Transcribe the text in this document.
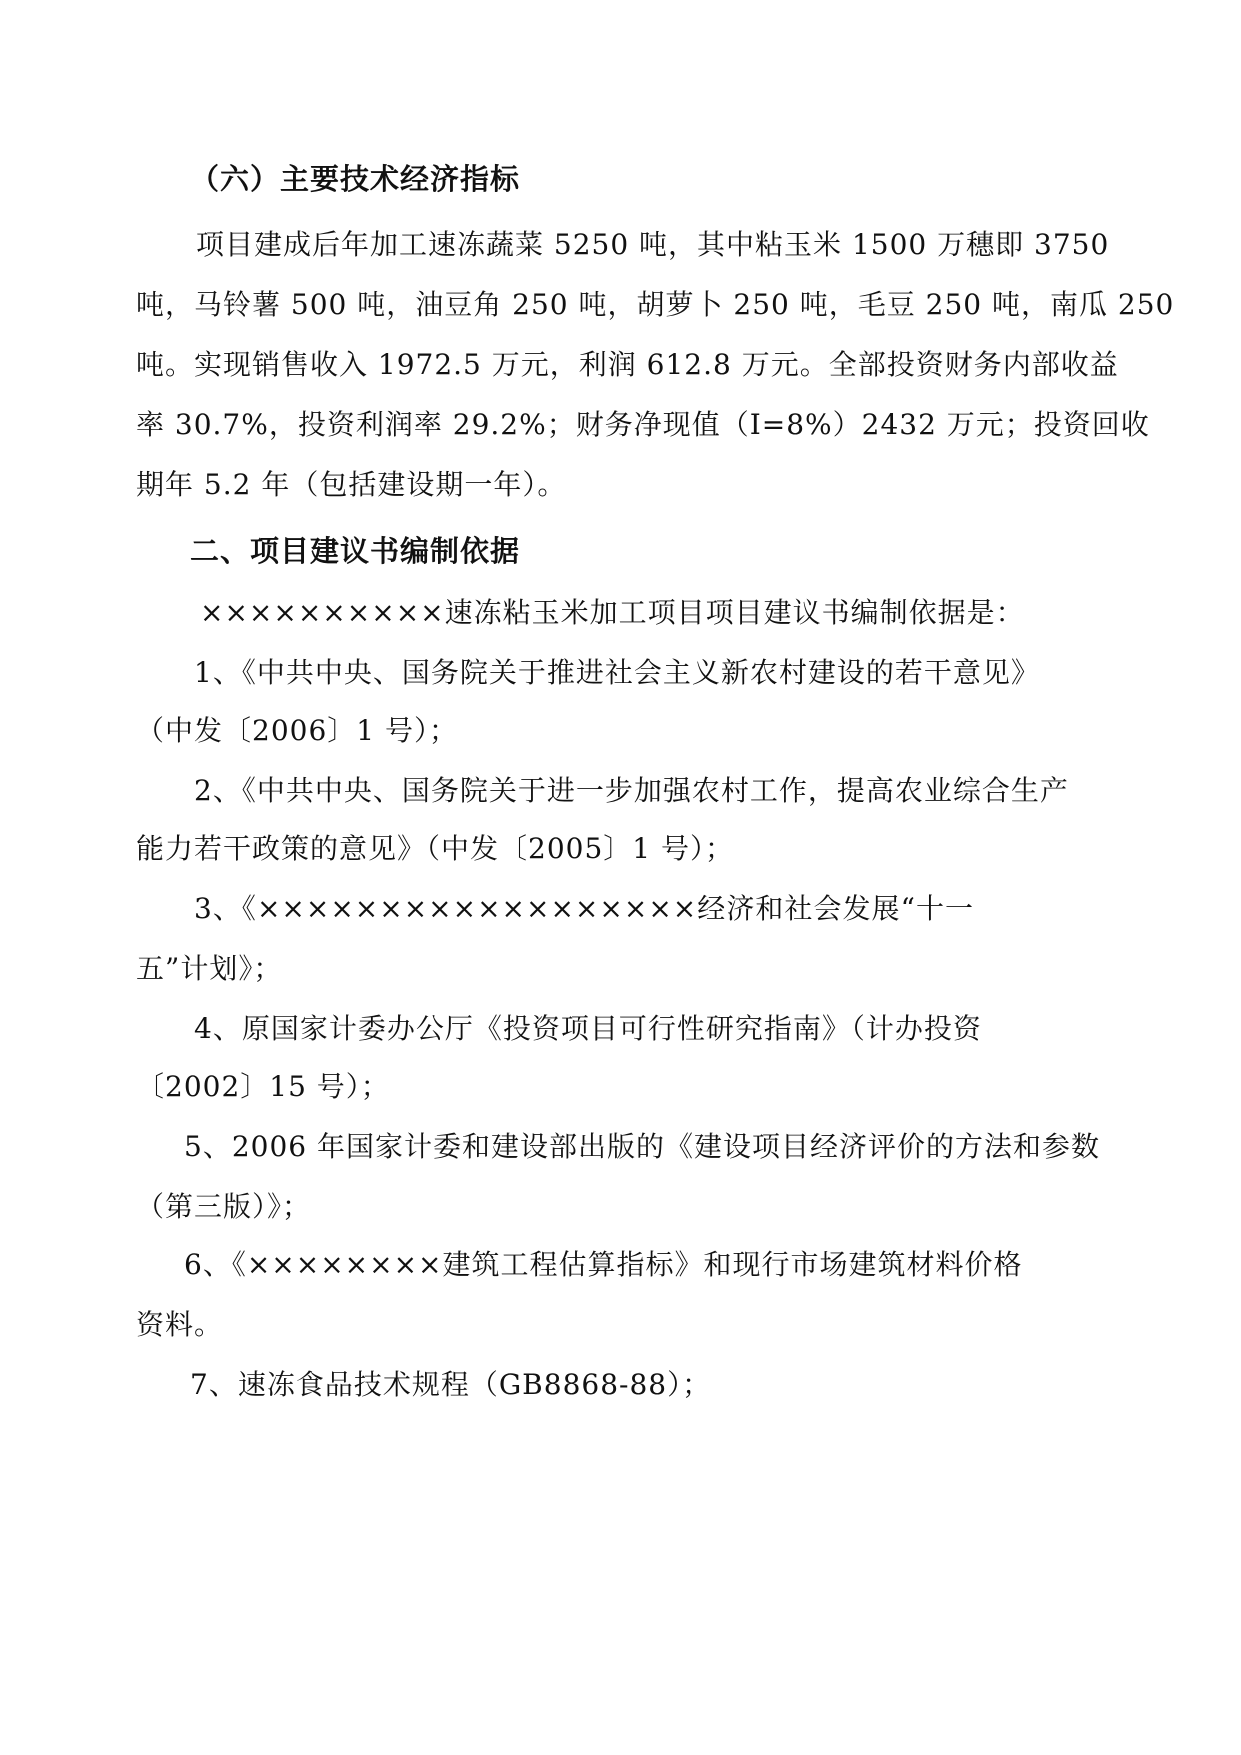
（六）主要技术经济指标
项目建成后年加工速冻蔬菜 5250 吨，其中粘玉米 1500 万穗即 3750
吨，马铃薯 500 吨，油豆角 250 吨，胡萝卜 250 吨，毛豆 250 吨，南瓜 250
吨。实现销售收入 1972.5 万元，利润 612.8 万元。全部投资财务内部收益
率 30.7%，投资利润率 29.2%；财务净现值（I=8%）2432 万元；投资回收
期年 5.2 年（包括建设期一年）。
二、项目建议书编制依据
××××××××××速冻粘玉米加工项目项目建议书编制依据是：
1、《中共中央、国务院关于推进社会主义新农村建设的若干意见》
（中发〔2006〕1 号）；
2、《中共中央、国务院关于进一步加强农村工作，提高农业综合生产
能力若干政策的意见》（中发〔2005〕1 号）；
3、《××××××××××××××××××经济和社会发展“十一
五”计划》；
4、原国家计委办公厅《投资项目可行性研究指南》（计办投资
〔2002〕15 号）；
5、2006 年国家计委和建设部出版的《建设项目经济评价的方法和参数
（第三版）》；
6、《××××××××建筑工程估算指标》和现行市场建筑材料价格
资料。
7、速冻食品技术规程（GB8868-88）；
